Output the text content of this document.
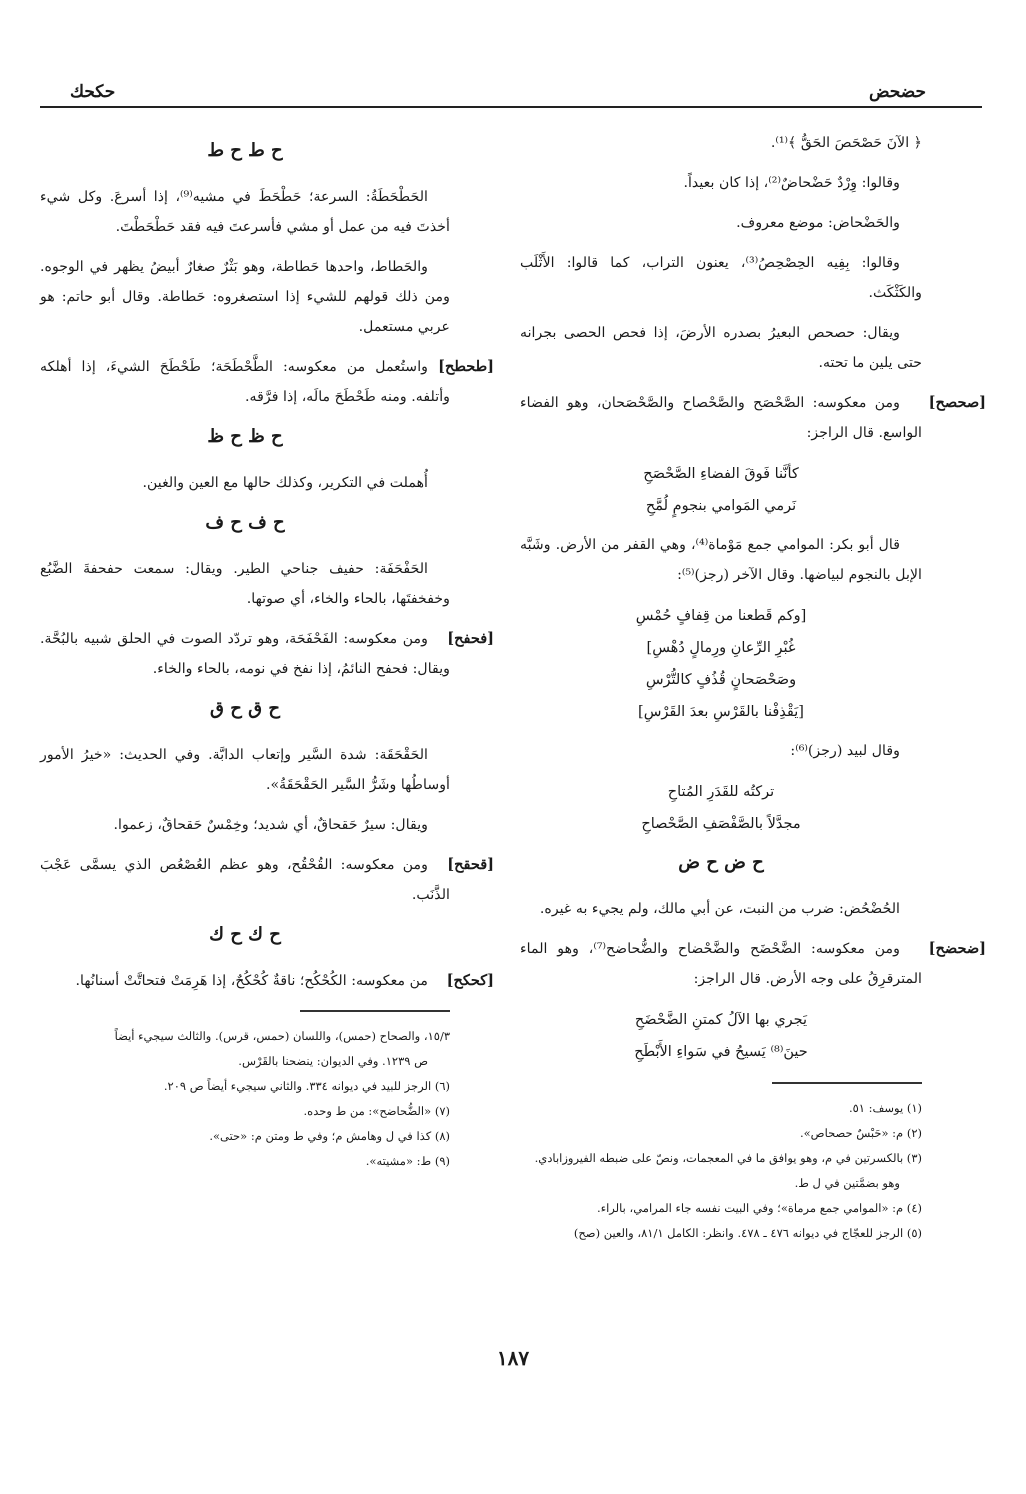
حضحض
حكحك

﴿ الآنَ حَصْحَصَ الحَقُّ ﴾⁽¹⁾.

وقالوا: وِرْدٌ حَضْحاضٌ⁽²⁾، إذا كان بعيداً.

والحَضْحاض: موضع معروف.

وقالوا: بِفِيه الحِصْحِصُ⁽³⁾، يعنون التراب، كما قالوا: الأَثْلَب والكَثْكَث.

ويقال: حصحص البعيرُ بصدره الأرضَ، إذا فحص الحصى بجرانه حتى يلين ما تحته.

[صحصح]
ومن معكوسه: الصَّحْصَح والصَّحْصاح والصَّحْصَحان، وهو الفضاء الواسع. قال الراجز:

كأنَّنا فَوقَ الفضاءِ الصَّحْصَحِ
نَرمي المَوامي بنجومٍ لُمَّحِ

قال أبو بكر: الموامي جمع مَوْماة⁽⁴⁾، وهي القفر من الأرض. وشَبَّه الإبل بالنجوم لبياضها. وقال الآخر (رجز)⁽⁵⁾:

[وكم قَطعنا من قِفافٍ حُمْسِ
غُبْرِ الرِّعانِ ورِمالٍ دُهْسِ]
وصَحْصَحانٍ قُذُفٍ كالتُّرْسِ
[يَقْذِفْنا بالقَرْسِ بعدَ القَرْسِ]

وقال لبيد (رجز)⁽⁶⁾:

تركتُه للقَدَرِ المُتاحِ
مجدَّلاً بالصَّفْصَفِ الصَّحْصاحِ
ح ض ح ض

الحُضْحُض: ضرب من النبت، عن أبي مالك، ولم يجيء به غيره.

[ضحضح]
ومن معكوسه: الضَّحْضَح والضَّحْضاح والضُّحاضح⁽⁷⁾، وهو الماء المترقرِقُ على وجه الأرض. قال الراجز:

يَجري بها الآلُ كمتنِ الضَّحْضَحِ
حينَ⁽⁸⁾ يَسيحُ في سَواءِ الأَبْطَحِ

(١) يوسف: ٥١.

(٢) م: «حَبْسٌ حصحاص».

(٣) بالكسرتين في م، وهو يوافق ما في المعجمات، ونصّ على ضبطه الفيروزابادي.

وهو بضمَّتين في ل ط.

(٤) م: «الموامي جمع مرماة»؛ وفي البيت نفسه جاء المرامي، بالراء.

(٥) الرجز للعجّاج في ديوانه ٤٧٦ ـ ٤٧٨. وانظر: الكامل ٨١/١، والعين (صح)

ح ط ح ط

الحَطْحَطَةُ: السرعة؛ حَطْحَطَ في مشيه⁽⁹⁾، إذا أسرعَ. وكل شيء أخذتَ فيه من عمل أو مشي فأسرعتَ فيه فقد حَطْحَطْتَ.

والحَطاط، واحدها حَطاطة، وهو بَثْرٌ صغارٌ أبيضُ يظهر في الوجوه. ومن ذلك قولهم للشيء إذا استصغروه: حَطاطة. وقال أبو حاتم: هو عربي مستعمل.

[طحطح]
واستُعمل من معكوسه: الطَّحْطَحَة؛ طَحْطَحَ الشيءَ، إذا أهلكه وأتلفه. ومنه طَحْطَحَ مالَه، إذا فرَّقه.

ح ظ ح ظ

أُهملت في التكرير، وكذلك حالها مع العين والغين.

ح ف ح ف

الحَفْحَفَة: حفيف جناحي الطير. ويقال: سمعت حفحفةَ الضَّبُع وخفخفتَها، بالحاء والخاء، أي صوتها.

[فحفح]
ومن معكوسه: الفَحْفَحَة، وهو تردّد الصوت في الحلق شبيه بالبُحَّة. ويقال: فحفح النائمُ، إذا نفخ في نومه، بالحاء والخاء.

ح ق ح ق

الحَقْحَقَة: شدة السَّير وإتعاب الدابَّة. وفي الحديث: «خيرُ الأمور أوساطُها وشَرُّ السَّير الحَقْحَقَةُ».

ويقال: سيرٌ حَقحاقٌ، أي شديد؛ وخِمْسٌ حَقحاقٌ، زعموا.

[قحقح]
ومن معكوسه: القُحْقُح، وهو عظم العُصْعُص الذي يسمَّى عَجْبَ الذَّنَب.

ح ك ح ك

[كحكح]
من معكوسه: الكُحْكُح؛ ناقةٌ كُحْكُحٌ، إذا هَرِمَتْ فتحاتَّتْ أسنانُها.

١٥/٣، والصحاح (حمس)، واللسان (حمس، قرس). والثالث سيجيء أيضاً

ص ١٢٣٩. وفي الديوان: ينضحنا بالقَرْس.

(٦) الرجز للبيد في ديوانه ٣٣٤. والثاني سيجيء أيضاً ص ٢٠٩.

(٧) «الضُّحاضح»: من ط وحده.

(٨) كذا في ل وهامش م؛ وفي ط ومتن م: «حتى».

(٩) ط: «مشيته».

١٨٧
